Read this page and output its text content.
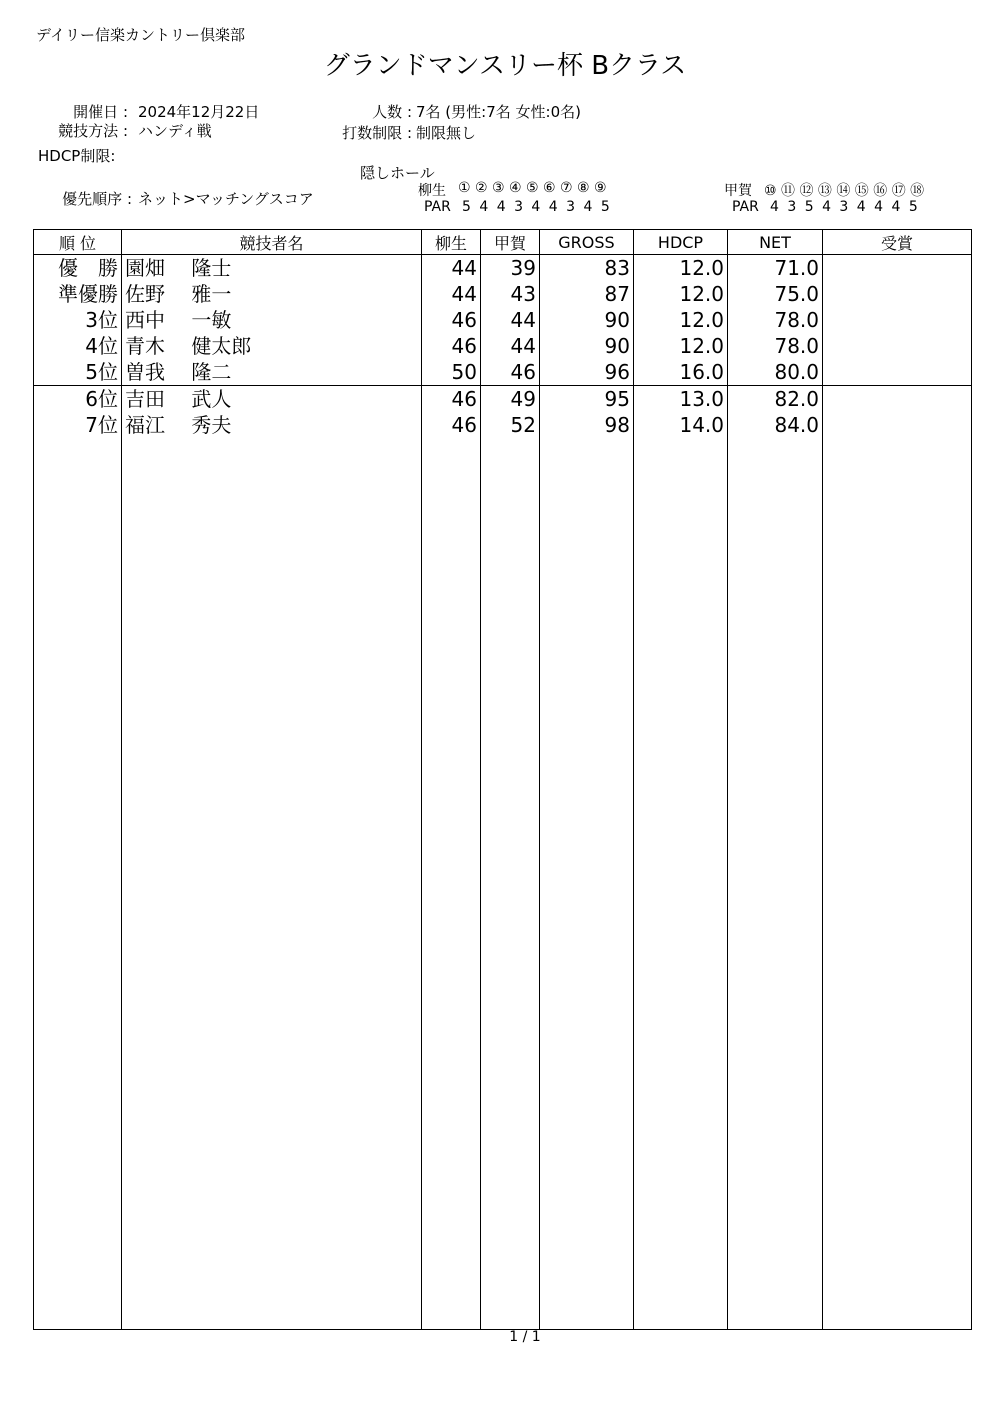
デイリー信楽カントリー倶楽部
グランドマンスリー杯 Bクラス
開催日 : 2024年12月22日
競技方法 : ハンディ戦
HDCP制限:
人数 : 7名 (男性:7名 女性:0名)
打数制限 : 制限無し
優先順序 : ネット>マッチングスコア
隠しホール
柳生 ① ② ③ ④ ⑤ ⑥ ⑦ ⑧ ⑨
PAR 5 4 4 3 4 4 3 4 5
甲賀 ⑩ ⑪ ⑫ ⑬ ⑭ ⑮ ⑯ ⑰ ⑱
PAR 4 3 5 4 3 4 4 4 5
順 位	競技者名	柳生	甲賀	GROSS	HDCP	NET	受賞
優　勝	園畑　 隆士	44	39	83	12.0	71.0	
準優勝	佐野　 雅一	44	43	87	12.0	75.0	
3位	西中　 一敏	46	44	90	12.0	78.0	
4位	青木　 健太郎	46	44	90	12.0	78.0	
5位	曽我　 隆二	50	46	96	16.0	80.0	
6位	吉田　 武人	46	49	95	13.0	82.0	
7位	福江　 秀夫	46	52	98	14.0	84.0	

1 / 1
